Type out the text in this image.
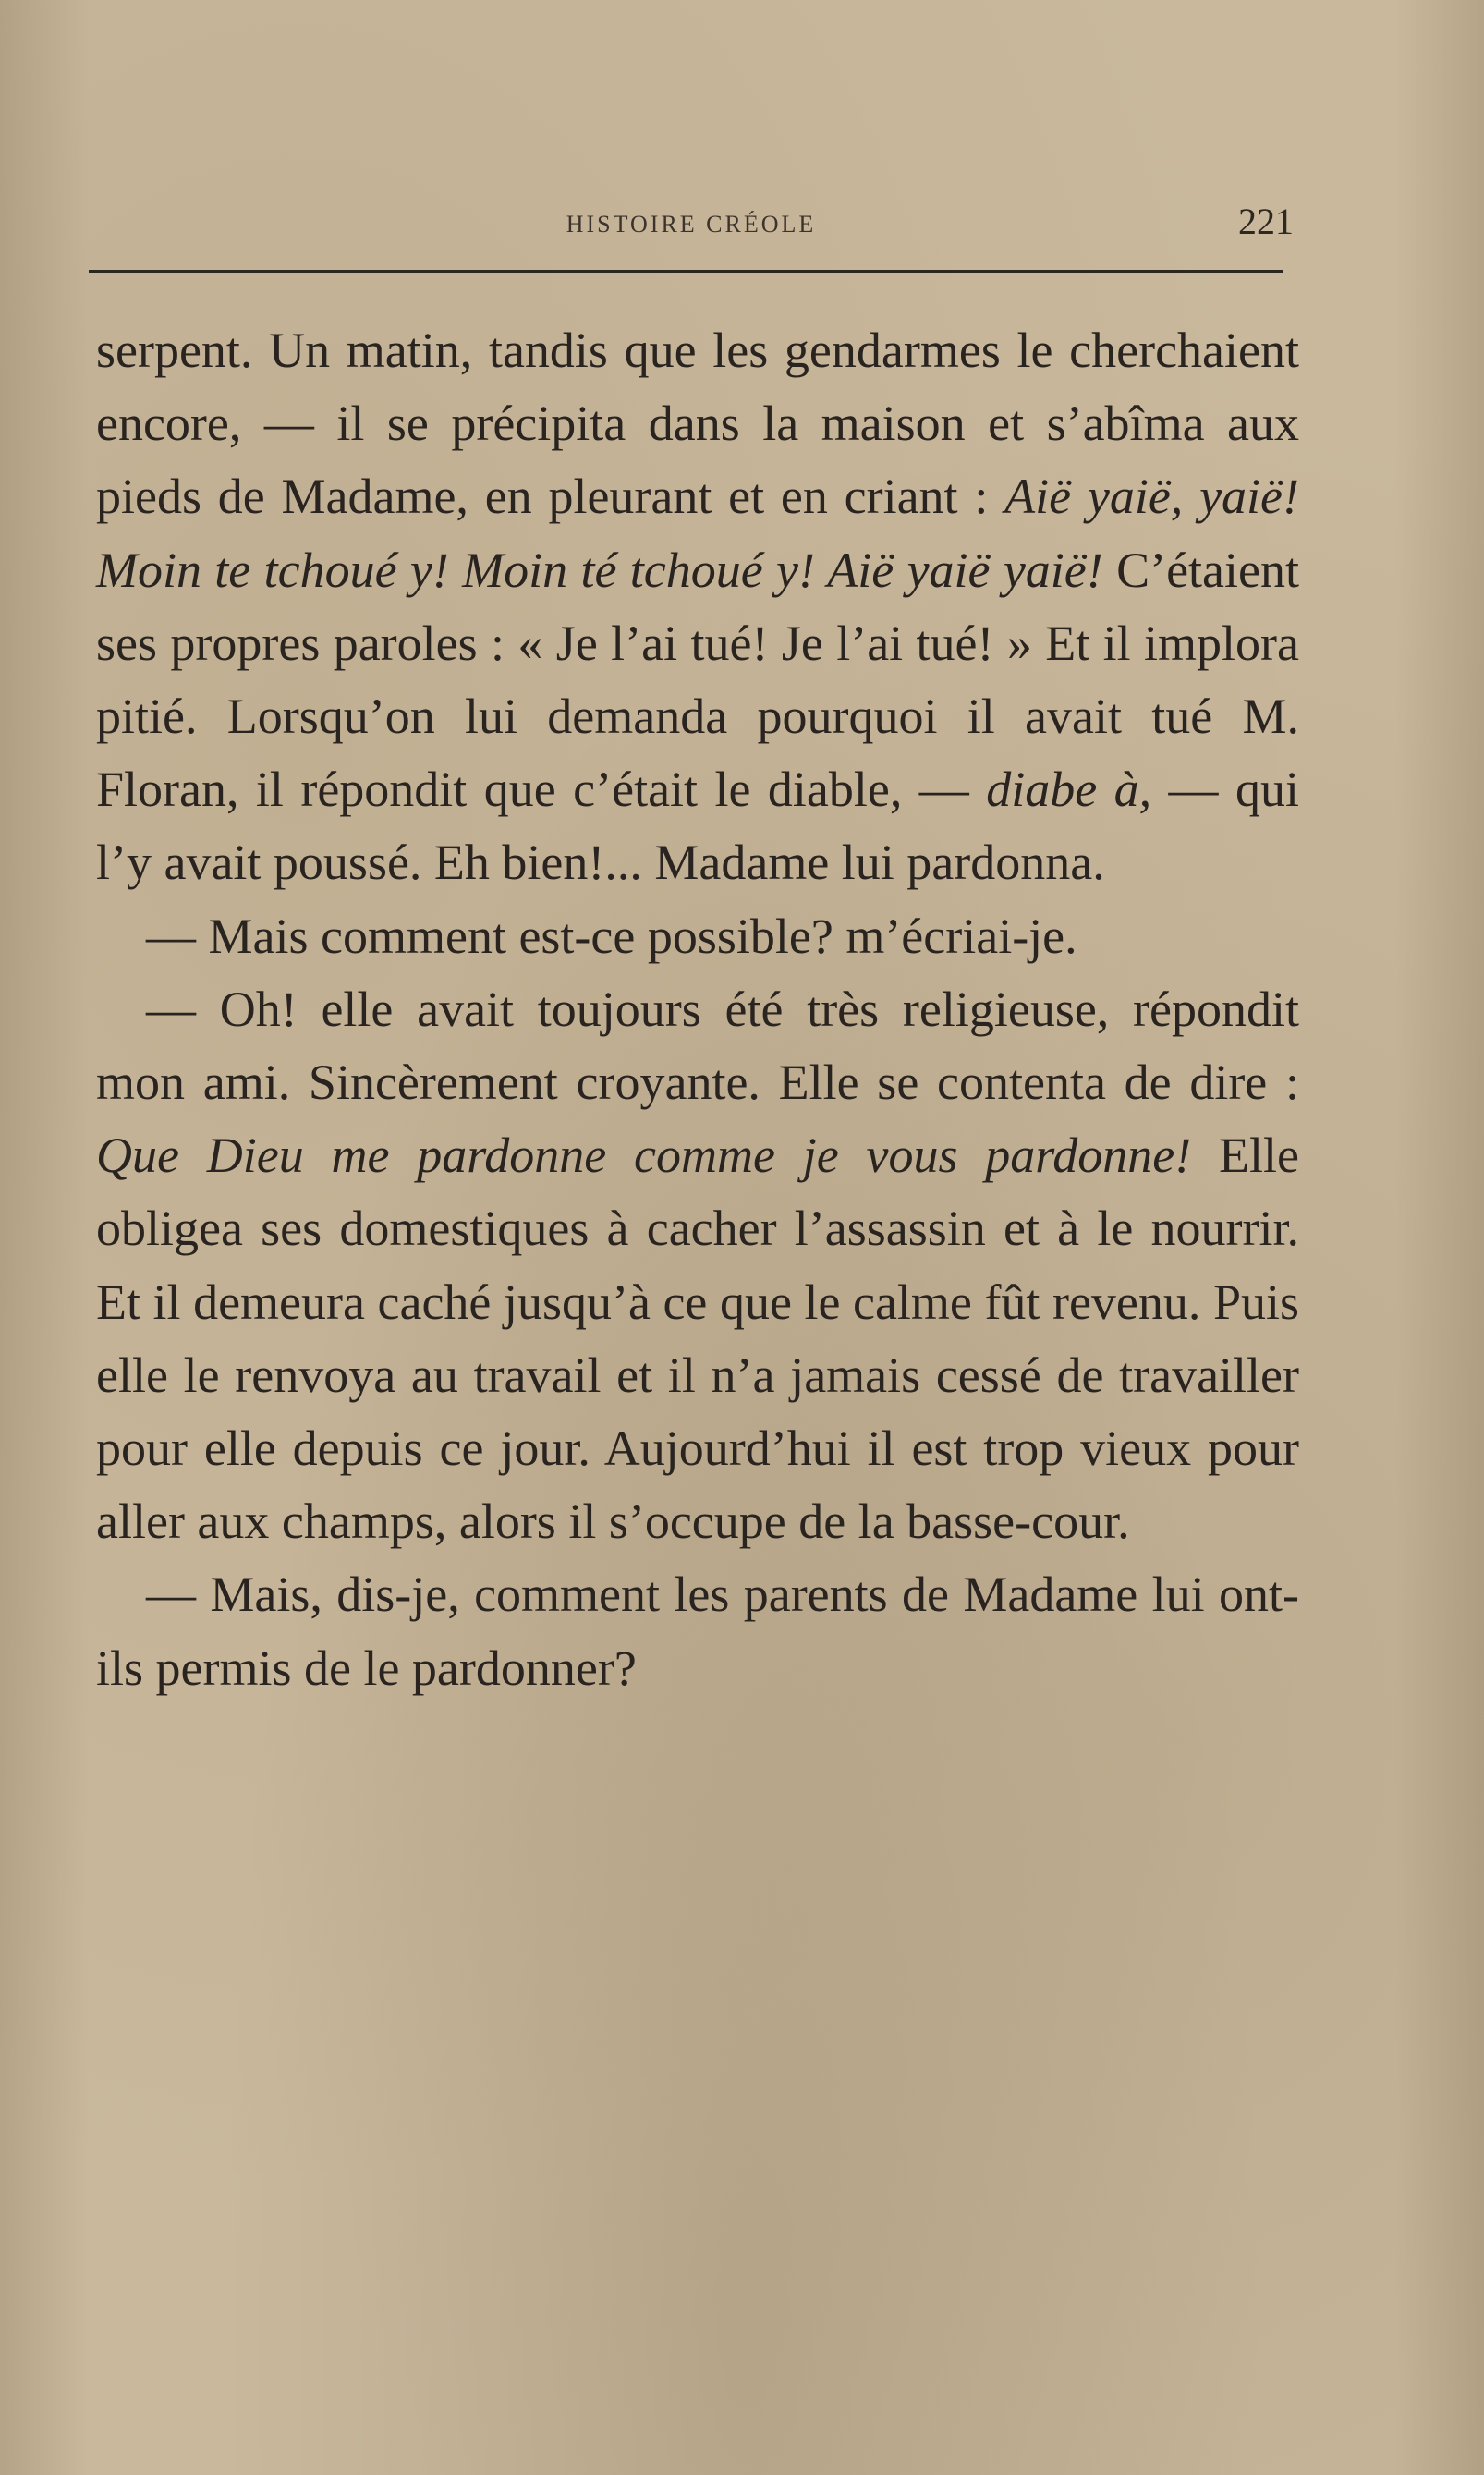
HISTOIRE CRÉOLE	221

serpent. Un matin, tandis que les gendarmes le cherchaient encore, — il se précipita dans la maison et s’abîma aux pieds de Madame, en pleurant et en criant : Aië yaië, yaië! Moin te tchoué y! Moin té tchoué y! Aië yaië yaië! C’étaient ses propres paroles : « Je l’ai tué! Je l’ai tué! » Et il implora pitié. Lorsqu’on lui demanda pourquoi il avait tué M. Floran, il répondit que c’était le diable, — diabe à, — qui l’y avait poussé. Eh bien!... Madame lui pardonna.

— Mais comment est-ce possible? m’écriai-je.

— Oh! elle avait toujours été très religieuse, répondit mon ami. Sincèrement croyante. Elle se contenta de dire : Que Dieu me pardonne comme je vous pardonne! Elle obligea ses domestiques à cacher l’assassin et à le nourrir. Et il demeura caché jusqu’à ce que le calme fût revenu. Puis elle le renvoya au travail et il n’a jamais cessé de travailler pour elle depuis ce jour. Aujourd’hui il est trop vieux pour aller aux champs, alors il s’occupe de la basse-cour.

— Mais, dis-je, comment les parents de Madame lui ont-ils permis de le pardonner?
